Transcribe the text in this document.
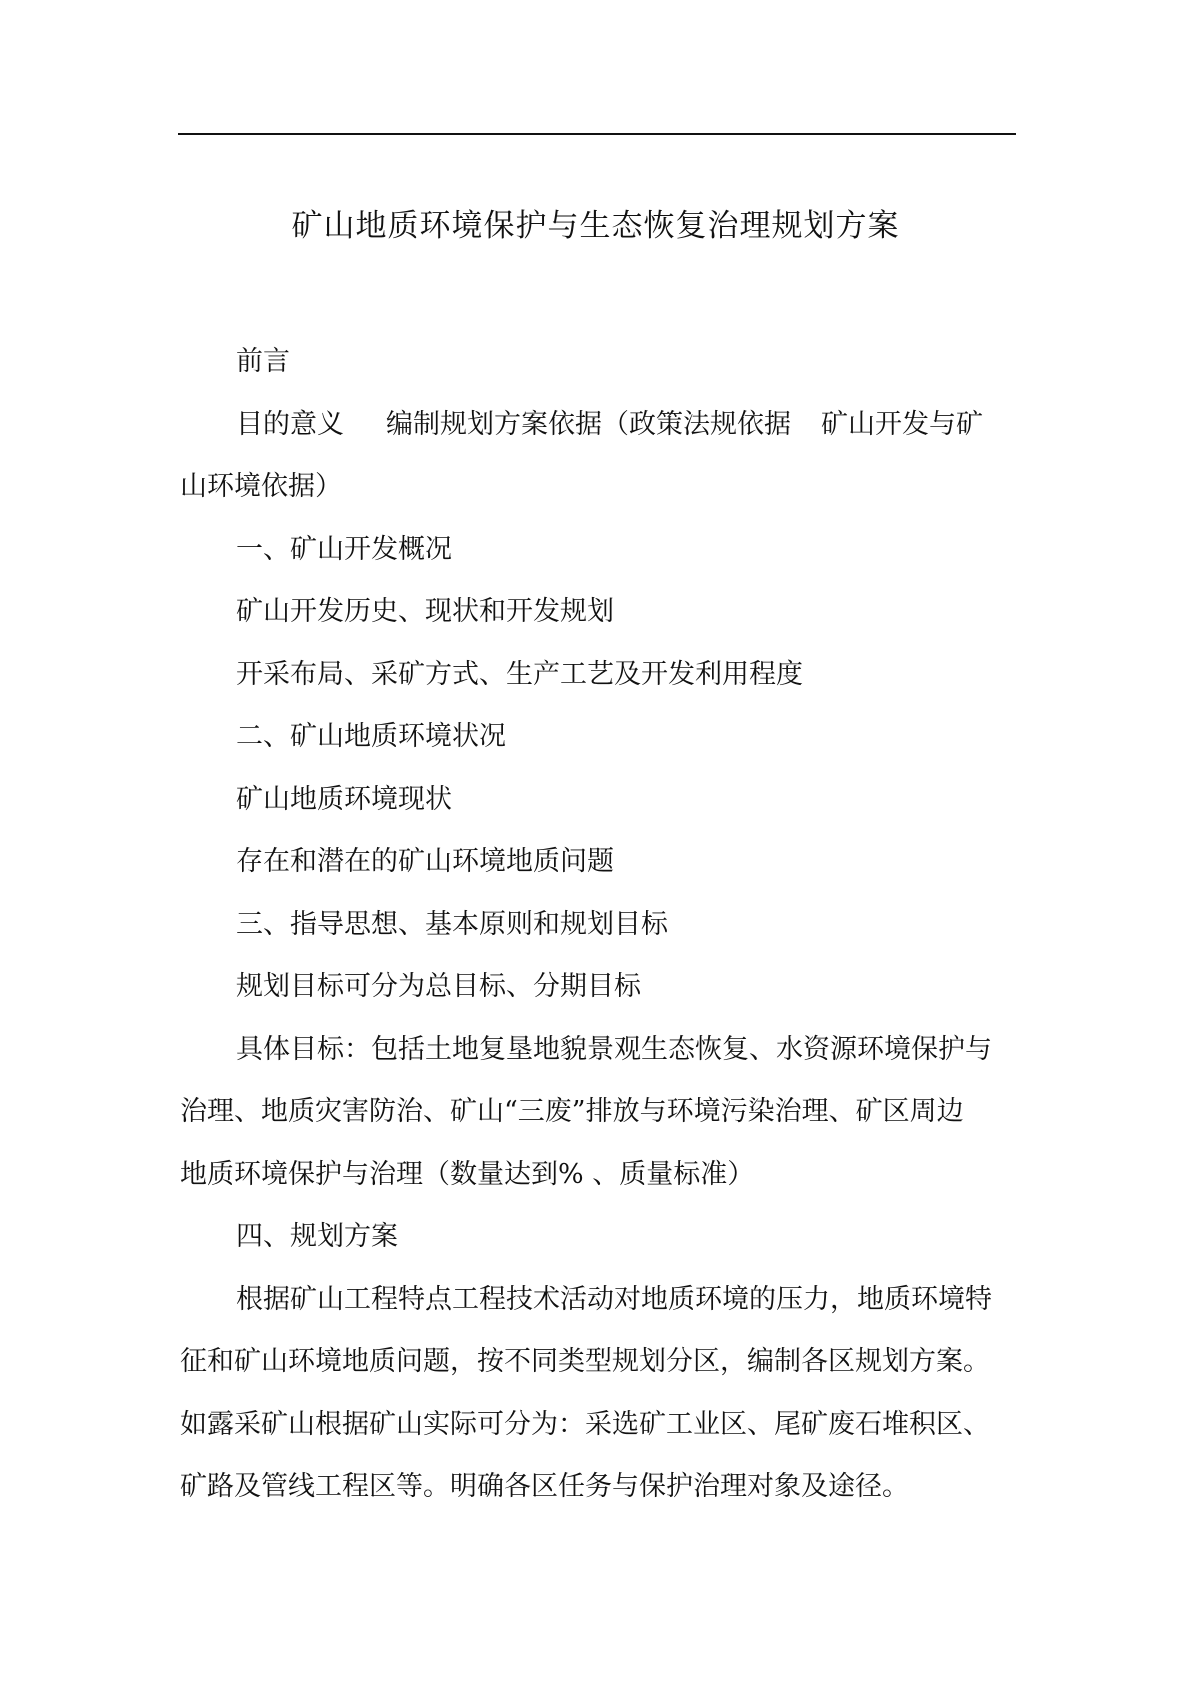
矿山地质环境保护与生态恢复治理规划方案

前言

目的意义 编制规划方案依据（政策法规依据 矿山开发与矿

山环境依据）

一、矿山开发概况

矿山开发历史、现状和开发规划

开采布局、采矿方式、生产工艺及开发利用程度

二、矿山地质环境状况

矿山地质环境现状

存在和潜在的矿山环境地质问题

三、指导思想、基本原则和规划目标

规划目标可分为总目标、分期目标

具体目标：包括土地复垦地貌景观生态恢复、水资源环境保护与

治理、地质灾害防治、矿山“三废”排放与环境污染治理、矿区周边

地质环境保护与治理（数量达到% 、质量标准）

四、规划方案

根据矿山工程特点工程技术活动对地质环境的压力，地质环境特

征和矿山环境地质问题，按不同类型规划分区，编制各区规划方案。

如露采矿山根据矿山实际可分为：采选矿工业区、尾矿废石堆积区、

矿路及管线工程区等。明确各区任务与保护治理对象及途径。
